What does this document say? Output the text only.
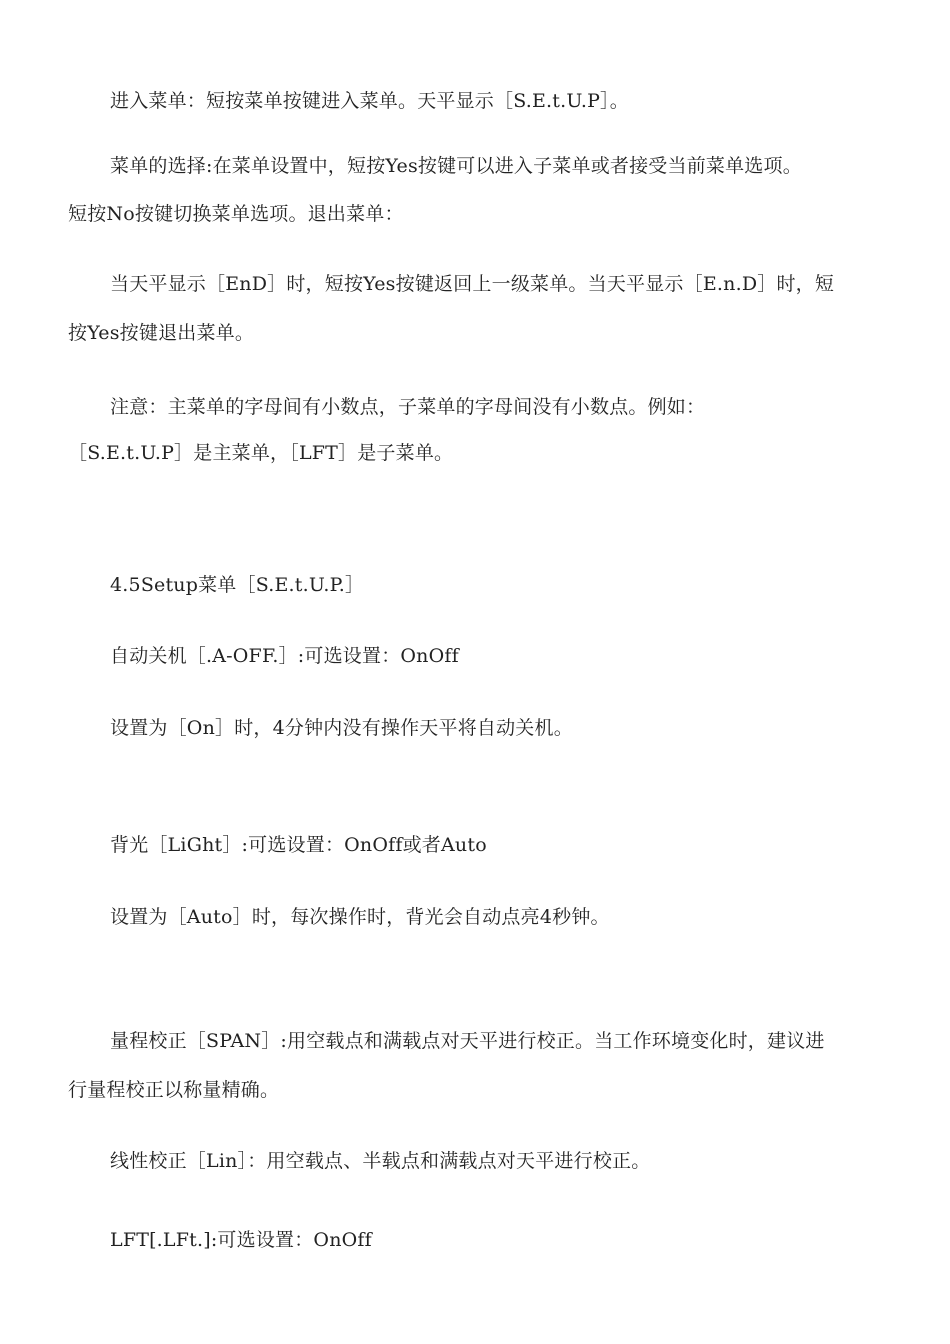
进入菜单：短按菜单按键进入菜单。天平显示［S.E.t.U.P］。
菜单的选择:在菜单设置中，短按Yes按键可以进入子菜单或者接受当前菜单选项。
短按No按键切换菜单选项。退出菜单：
当天平显示［EnD］时，短按Yes按键返回上一级菜单。当天平显示［E.n.D］时，短
按Yes按键退出菜单。
注意：主菜单的字母间有小数点，子菜单的字母间没有小数点。例如：
［S.E.t.U.P］是主菜单，［LFT］是子菜单。
4.5Setup菜单［S.E.t.U.P.］
自动关机［.A-OFF.］:可选设置：OnOff
设置为［On］时，4分钟内没有操作天平将自动关机。
背光［LiGht］:可选设置：OnOff或者Auto
设置为［Auto］时，每次操作时，背光会自动点亮4秒钟。
量程校正［SPAN］:用空载点和满载点对天平进行校正。当工作环境变化时，建议进
行量程校正以称量精确。
线性校正［Lin］：用空载点、半载点和满载点对天平进行校正。
LFT[.LFt.]:可选设置：OnOff
